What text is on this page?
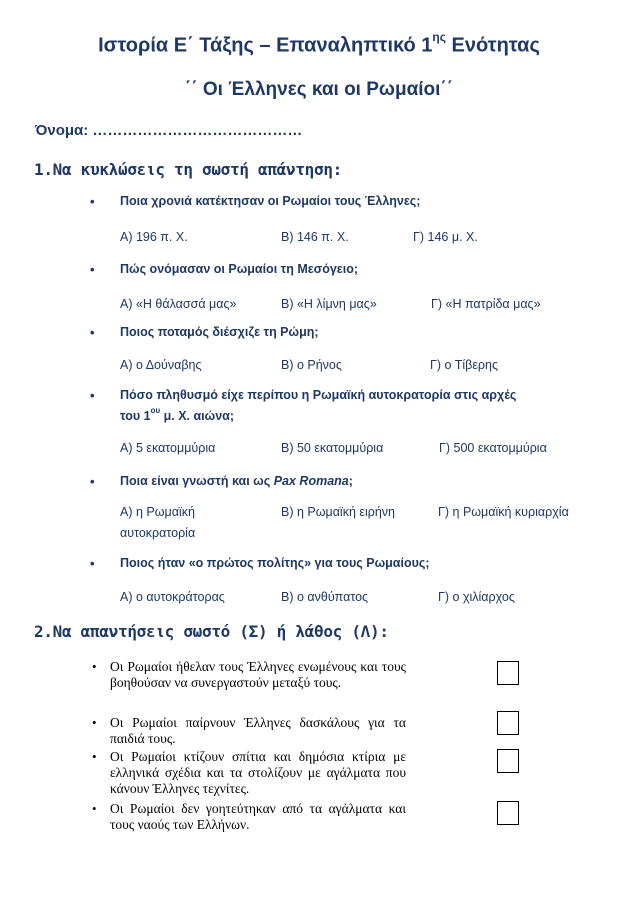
Ιστορία Ε΄ Τάξης – Επαναληπτικό $1^{\eta\varsigma}$ Ενότητας
΄΄ Οι Έλληνες και οι Ρωμαίοι΄΄
Όνομα: ……………………………………
1.Να κυκλώσεις τη σωστή απάντηση:
• Ποια χρονιά κατέκτησαν οι Ρωμαίοι τους Έλληνες;
Α) 196 π. Χ.	Β) 146 π. Χ.	Γ) 146 μ. Χ.
• Πώς ονόμασαν οι Ρωμαίοι τη Μεσόγειο;
Α) «Η θάλασσά μας»	Β) «Η λίμνη μας»	Γ) «Η πατρίδα μας»
• Ποιος ποταμός διέσχιζε τη Ρώμη;
Α) ο Δούναβης	Β) ο Ρήνος	Γ) ο Τίβερης
• Πόσο πληθυσμό είχε περίπου η Ρωμαϊκή αυτοκρατορία στις αρχές
του $1^{o\upsilon}$ μ. Χ. αιώνα;
Α) 5 εκατομμύρια	Β) 50 εκατομμύρια	Γ) 500 εκατομμύρια
• Ποια είναι γνωστή και ως Pax Romana;
Α) η Ρωμαϊκή
αυτοκρατορία
Β) η Ρωμαϊκή ειρήνη	Γ) η Ρωμαϊκή κυριαρχία
• Ποιος ήταν «ο πρώτος πολίτης» για τους Ρωμαίους;
Α) ο αυτοκράτορας	Β) ο ανθύπατος	Γ) ο χιλίαρχος
2.Να απαντήσεις σωστό (Σ) ή λάθος (Λ):
• Οι Ρωμαίοι ήθελαν τους Έλληνες ενωμένους και τους βοηθούσαν να συνεργαστούν μεταξύ τους.
• Οι Ρωμαίοι παίρνουν Έλληνες δασκάλους για τα παιδιά τους.
• Οι Ρωμαίοι κτίζουν σπίτια και δημόσια κτίρια με ελληνικά σχέδια και τα στολίζουν με αγάλματα που κάνουν Έλληνες τεχνίτες.
• Οι Ρωμαίοι δεν γοητεύτηκαν από τα αγάλματα και τους ναούς των Ελλήνων.
